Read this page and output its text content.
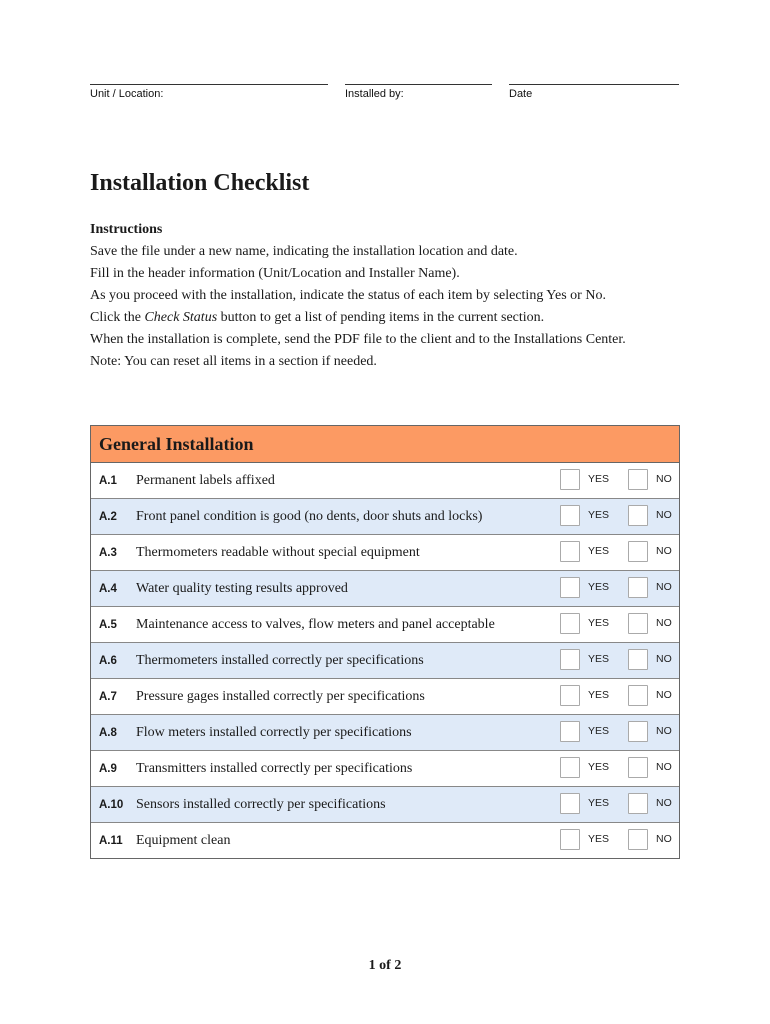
Unit / Location:	Installed by:	Date
Installation Checklist
Instructions
Save the file under a new name, indicating the installation location and date.
Fill in the header information (Unit/Location and Installer Name).
As you proceed with the installation, indicate the status of each item by selecting Yes or No.
Click the Check Status button to get a list of pending items in the current section.
When the installation is complete, send the PDF file to the client and to the Installations Center.
Note: You can reset all items in a section if needed.
General Installation
A.1	Permanent labels affixed	YES	NO
A.2	Front panel condition is good (no dents, door shuts and locks)	YES	NO
A.3	Thermometers readable without special equipment	YES	NO
A.4	Water quality testing results approved	YES	NO
A.5	Maintenance access to valves, flow meters and panel acceptable	YES	NO
A.6	Thermometers installed correctly per specifications	YES	NO
A.7	Pressure gages installed correctly per specifications	YES	NO
A.8	Flow meters installed correctly per specifications	YES	NO
A.9	Transmitters installed correctly per specifications	YES	NO
A.10 Sensors installed correctly per specifications	YES	NO
A.11 Equipment clean	YES	NO
1 of 2
